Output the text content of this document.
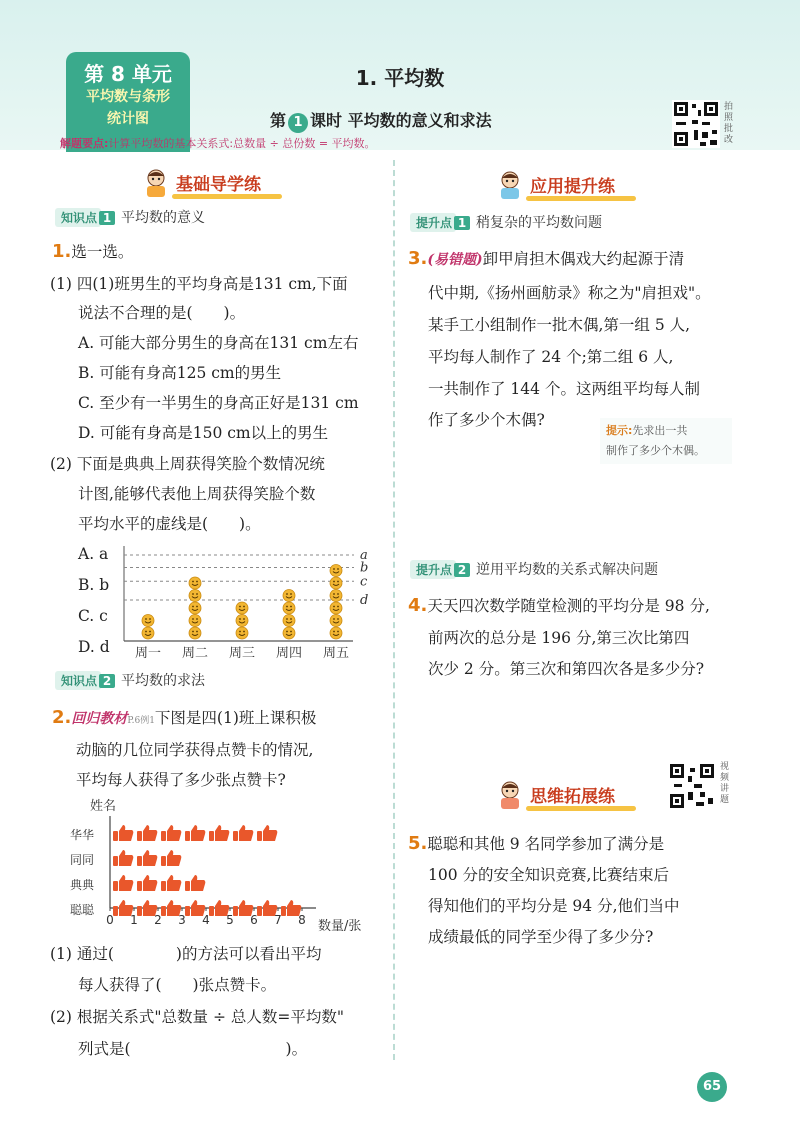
第 8 单元
平均数与条形
统计图
1. 平均数
第 1 课时 平均数的意义和求法
拍照批改
解题要点:计算平均数的基本关系式:总数量 ÷ 总份数 = 平均数。
基础导学练
知识点 1 平均数的意义
1.选一选。
(1) 四(1)班男生的平均身高是131 cm,下面
说法不合理的是(　　)。
A. 可能大部分男生的身高在131 cm左右
B. 可能有身高125 cm的男生
C. 至少有一半男生的身高正好是131 cm
D. 可能有身高是150 cm以上的男生
(2) 下面是典典上周获得笑脸个数情况统
计图,能够代表他上周获得笑脸个数
平均水平的虚线是(　　)。
A. a
B. b
C. c
D. d
a
b
c
d
周一 周二 周三 周四 周五
知识点 2 平均数的求法
2.回归教材P.6例1下图是四(1)班上课积极
动脑的几位同学获得点赞卡的情况,
平均每人获得了多少张点赞卡?
姓名
华华
同同
典典
聪聪
0 1 2 3 4 5 6 7 8 数量/张
(1) 通过(　　　　)的方法可以看出平均
每人获得了(　　)张点赞卡。
(2) 根据关系式"总数量 ÷ 总人数=平均数"
列式是(　　　　　　　　　　)。
应用提升练
提升点 1 稍复杂的平均数问题
3.(易错题)卸甲肩担木偶戏大约起源于清
代中期,《扬州画舫录》称之为"肩担戏"。
某手工小组制作一批木偶,第一组 5 人,
平均每人制作了 24 个;第二组 6 人,
一共制作了 144 个。这两组平均每人制
作了多少个木偶?
提示:先求出一共
制作了多少个木偶。
提升点 2 逆用平均数的关系式解决问题
4.天天四次数学随堂检测的平均分是 98 分,
前两次的总分是 196 分,第三次比第四
次少 2 分。第三次和第四次各是多少分?
思维拓展练
视频讲题
5.聪聪和其他 9 名同学参加了满分是
100 分的安全知识竞赛,比赛结束后
得知他们的平均分是 94 分,他们当中
成绩最低的同学至少得了多少分?
65
